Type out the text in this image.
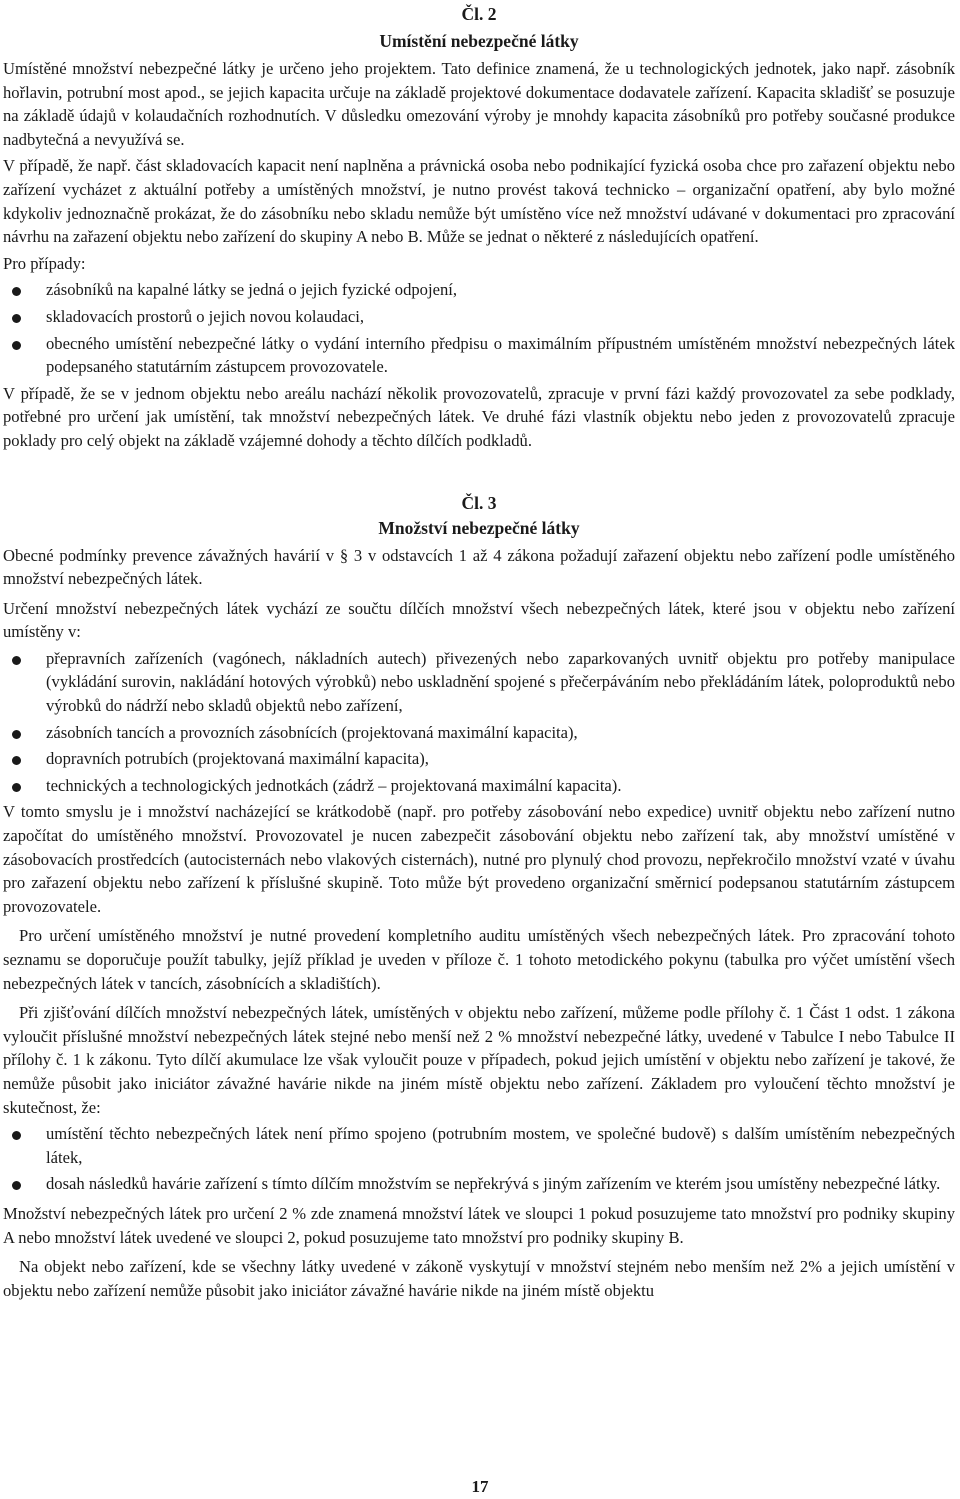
Čl. 2
Umístění nebezpečné látky

Umístěné množství nebezpečné látky je určeno jeho projektem. Tato definice znamená, že u technologických jednotek, jako např. zásobník hořlavin, potrubní most apod., se jejich kapacita určuje na základě projektové dokumentace dodavatele zařízení. Kapacita skladišť se posuzuje na základě údajů v kolaudačních rozhodnutích. V důsledku omezování výroby je mnohdy kapacita zásobníků pro potřeby současné produkce nadbytečná a nevyužívá se.

V případě, že např. část skladovacích kapacit není naplněna a právnická osoba nebo podnikající fyzická osoba chce pro zařazení objektu nebo zařízení vycházet z aktuální potřeby a umístěných množství, je nutno provést taková technicko – organizační opatření, aby bylo možné kdykoliv jednoznačně prokázat, že do zásobníku nebo skladu nemůže být umístěno více než množství udávané v dokumentaci pro zpracování návrhu na zařazení objektu nebo zařízení do skupiny A nebo B. Může se jednat o některé z následujících opatření.

Pro případy:

zásobníků na kapalné látky se jedná o jejich fyzické odpojení,
skladovacích prostorů o jejich novou kolaudaci,
obecného umístění nebezpečné látky o vydání interního předpisu o maximálním přípustném umístěném množství nebezpečných látek podepsaného statutárním zástupcem provozovatele.

V případě, že se v jednom objektu nebo areálu nachází několik provozovatelů, zpracuje v první fázi každý provozovatel za sebe podklady, potřebné pro určení jak umístění, tak množství nebezpečných látek. Ve druhé fázi vlastník objektu nebo jeden z provozovatelů zpracuje poklady pro celý objekt na základě vzájemné dohody a těchto dílčích podkladů.

Čl. 3
Množství nebezpečné látky

Obecné podmínky prevence závažných havárií v § 3 v odstavcích 1 až 4 zákona požadují zařazení objektu nebo zařízení podle umístěného množství nebezpečných látek.

Určení množství nebezpečných látek vychází ze součtu dílčích množství všech nebezpečných látek, které jsou v objektu nebo zařízení umístěny v:

přepravních zařízeních (vagónech, nákladních autech) přivezených nebo zaparkovaných uvnitř objektu pro potřeby manipulace (vykládání surovin, nakládání hotových výrobků) nebo uskladnění spojené s přečerpáváním nebo překládáním látek, poloproduktů nebo výrobků do nádrží nebo skladů objektů nebo zařízení,
zásobních tancích a provozních zásobnících (projektovaná maximální kapacita),
dopravních potrubích (projektovaná maximální kapacita),
technických a technologických jednotkách (zádrž – projektovaná maximální kapacita).

V tomto smyslu je i množství nacházející se krátkodobě (např. pro potřeby zásobování nebo expedice) uvnitř objektu nebo zařízení nutno započítat do umístěného množství. Provozovatel je nucen zabezpečit zásobování objektu nebo zařízení tak, aby množství umístěné v zásobovacích prostředcích (autocisternách nebo vlakových cisternách), nutné pro plynulý chod provozu, nepřekročilo množství vzaté v úvahu pro zařazení objektu nebo zařízení k příslušné skupině. Toto může být provedeno organizační směrnicí podepsanou statutárním zástupcem provozovatele.

Pro určení umístěného množství je nutné provedení kompletního auditu umístěných všech nebezpečných látek. Pro zpracování tohoto seznamu se doporučuje použít tabulky, jejíž příklad je uveden v příloze č. 1 tohoto metodického pokynu (tabulka pro výčet umístění všech nebezpečných látek v tancích, zásobnících a skladištích).

Při zjišťování dílčích množství nebezpečných látek, umístěných v objektu nebo zařízení, můžeme podle přílohy č. 1 Část 1 odst. 1 zákona vyloučit příslušné množství nebezpečných látek stejné nebo menší než 2 % množství nebezpečné látky, uvedené v Tabulce I nebo Tabulce II přílohy č. 1 k zákonu. Tyto dílčí akumulace lze však vyloučit pouze v případech, pokud jejich umístění v objektu nebo zařízení je takové, že nemůže působit jako iniciátor závažné havárie nikde na jiném místě objektu nebo zařízení. Základem pro vyloučení těchto množství je skutečnost, že:

umístění těchto nebezpečných látek není přímo spojeno (potrubním mostem, ve společné budově) s dalším umístěním nebezpečných látek,
dosah následků havárie zařízení s tímto dílčím množstvím se nepřekrývá s jiným zařízením ve kterém jsou umístěny nebezpečné látky.

Množství nebezpečných látek pro určení 2 % zde znamená množství látek ve sloupci 1 pokud posuzujeme tato množství pro podniky skupiny A nebo množství látek uvedené ve sloupci 2, pokud posuzujeme tato množství pro podniky skupiny B.

Na objekt nebo zařízení, kde se všechny látky uvedené v zákoně vyskytují v množství stejném nebo menším než 2% a jejich umístění v objektu nebo zařízení nemůže působit jako iniciátor závažné havárie nikde na jiném místě objektu

17
